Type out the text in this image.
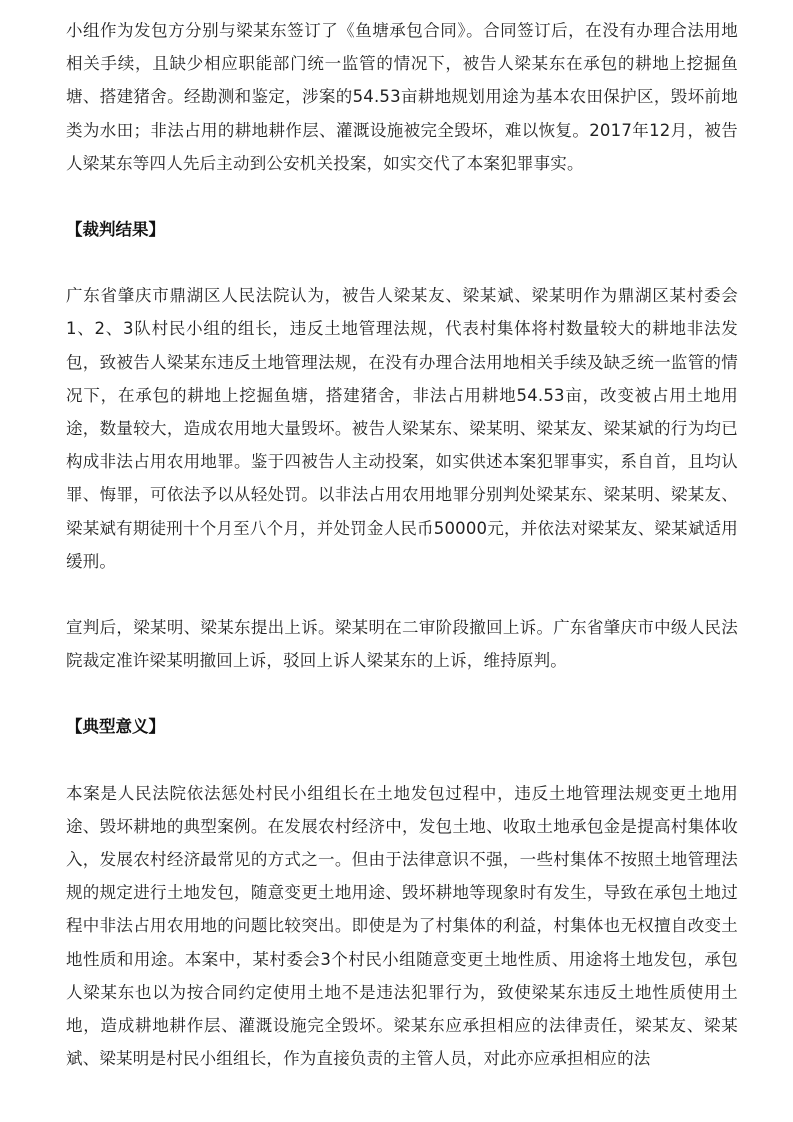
小组作为发包方分别与梁某东签订了《鱼塘承包合同》。合同签订后，在没有办理合法用地相关手续，且缺少相应职能部门统一监管的情况下，被告人梁某东在承包的耕地上挖掘鱼塘、搭建猪舍。经勘测和鉴定，涉案的54.53亩耕地规划用途为基本农田保护区，毁坏前地类为水田；非法占用的耕地耕作层、灌溉设施被完全毁坏，难以恢复。2017年12月，被告人梁某东等四人先后主动到公安机关投案，如实交代了本案犯罪事实。

【裁判结果】

广东省肇庆市鼎湖区人民法院认为，被告人梁某友、梁某斌、梁某明作为鼎湖区某村委会1、2、3队村民小组的组长，违反土地管理法规，代表村集体将村数量较大的耕地非法发包，致被告人梁某东违反土地管理法规，在没有办理合法用地相关手续及缺乏统一监管的情况下，在承包的耕地上挖掘鱼塘，搭建猪舍，非法占用耕地54.53亩，改变被占用土地用途，数量较大，造成农用地大量毁坏。被告人梁某东、梁某明、梁某友、梁某斌的行为均已构成非法占用农用地罪。鉴于四被告人主动投案，如实供述本案犯罪事实，系自首，且均认罪、悔罪，可依法予以从轻处罚。以非法占用农用地罪分别判处梁某东、梁某明、梁某友、梁某斌有期徒刑十个月至八个月，并处罚金人民币50000元，并依法对梁某友、梁某斌适用缓刑。

宣判后，梁某明、梁某东提出上诉。梁某明在二审阶段撤回上诉。广东省肇庆市中级人民法院裁定准许梁某明撤回上诉，驳回上诉人梁某东的上诉，维持原判。

【典型意义】

本案是人民法院依法惩处村民小组组长在土地发包过程中，违反土地管理法规变更土地用途、毁坏耕地的典型案例。在发展农村经济中，发包土地、收取土地承包金是提高村集体收入，发展农村经济最常见的方式之一。但由于法律意识不强，一些村集体不按照土地管理法规的规定进行土地发包，随意变更土地用途、毁坏耕地等现象时有发生，导致在承包土地过程中非法占用农用地的问题比较突出。即使是为了村集体的利益，村集体也无权擅自改变土地性质和用途。本案中，某村委会3个村民小组随意变更土地性质、用途将土地发包，承包人梁某东也以为按合同约定使用土地不是违法犯罪行为，致使梁某东违反土地性质使用土地，造成耕地耕作层、灌溉设施完全毁坏。梁某东应承担相应的法律责任，梁某友、梁某斌、梁某明是村民小组组长，作为直接负责的主管人员，对此亦应承担相应的法
